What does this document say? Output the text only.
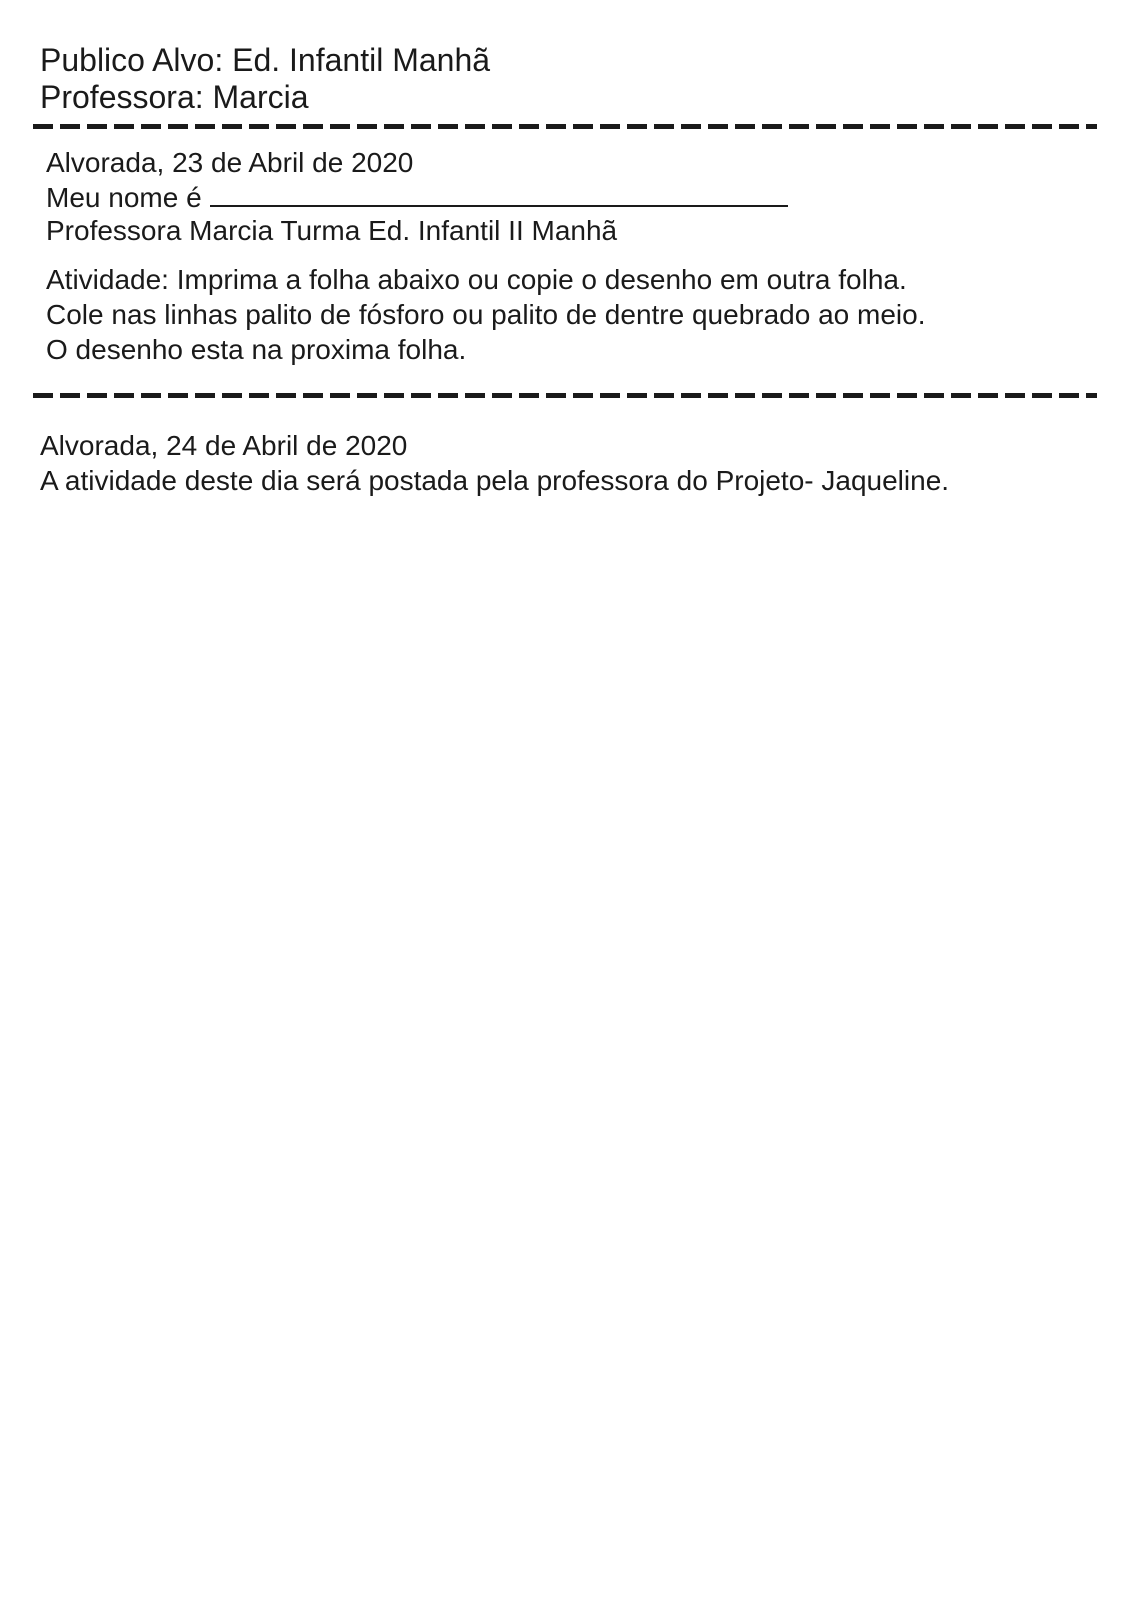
Publico Alvo: Ed. Infantil Manhã
Professora: Marcia
Alvorada, 23 de Abril de 2020
Meu nome é
Professora Marcia Turma Ed. Infantil II Manhã
Atividade: Imprima a folha abaixo ou copie o desenho em outra folha.
Cole nas linhas palito de fósforo ou palito de dentre quebrado ao meio.
O desenho esta na proxima folha.
Alvorada, 24 de Abril de 2020
A atividade deste dia será postada pela professora do Projeto- Jaqueline.
